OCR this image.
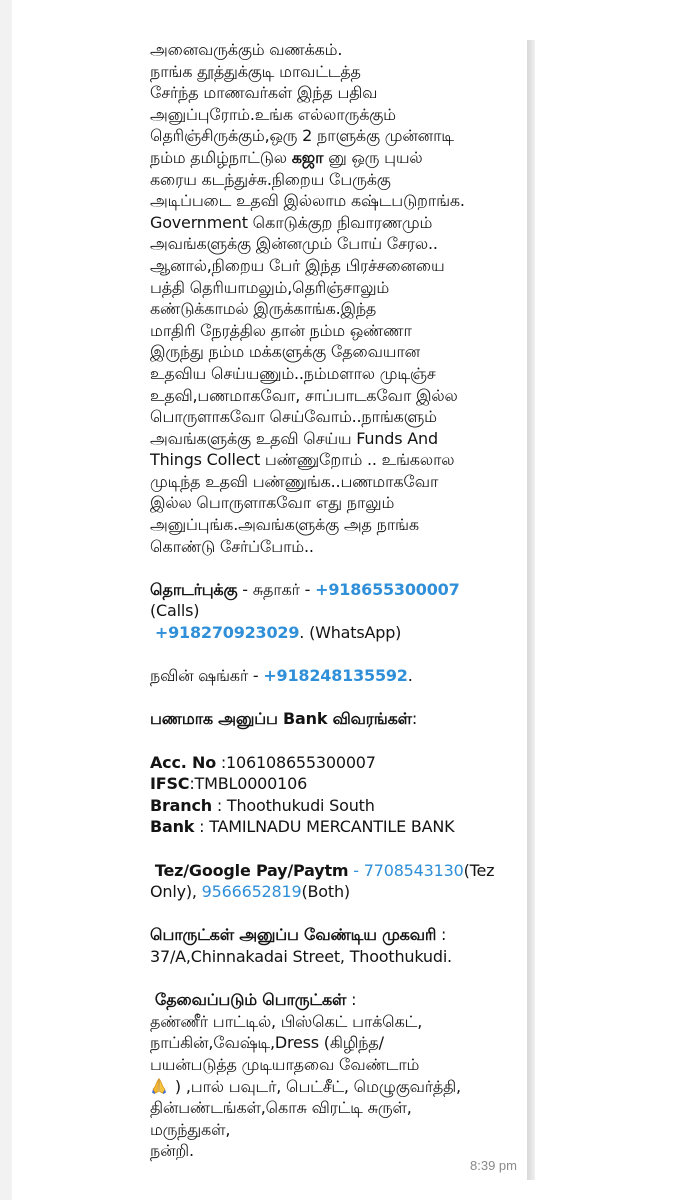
அனைவருக்கும் வணக்கம்.
நாங்க தூத்துக்குடி மாவட்டத்த
சேர்ந்த மாணவர்கள் இந்த பதிவ
அனுப்புரோம்.உங்க எல்லாருக்கும்
தெரிஞ்சிருக்கும்,ஒரு 2 நாளுக்கு முன்னாடி
நம்ம தமிழ்நாட்டுல கஜா னு ஒரு புயல்
கரைய கடந்துச்சு.நிறைய பேருக்கு
அடிப்படை உதவி இல்லாம கஷ்டபடுறாங்க.
Government கொடுக்குற நிவாரணமும்
அவங்களுக்கு இன்னமும் போய் சேரல..
ஆனால்,நிறைய பேர் இந்த பிரச்சனையை
பத்தி தெரியாமலும்,தெரிஞ்சாலும்
கண்டுக்காமல் இருக்காங்க.இந்த
மாதிரி நேரத்தில தான் நம்ம ஒண்ணா
இருந்து நம்ம மக்களுக்கு தேவையான
உதவிய செய்யணும்..நம்மளால முடிஞ்ச
உதவி,பணமாகவோ, சாப்பாடகவோ இல்ல
பொருளாகவோ செய்வோம்..நாங்களும்
அவங்களுக்கு உதவி செய்ய Funds And
Things Collect பண்ணுறோம் .. உங்கலால
முடிந்த உதவி பண்ணுங்க..பணமாகவோ
இல்ல பொருளாகவோ எது நாலும்
அனுப்புங்க.அவங்களுக்கு அத நாங்க
கொண்டு சேர்ப்போம்..
தொடர்புக்கு - சுதாகர் - +918655300007
(Calls)
+918270923029. (WhatsApp)
நவின் ஷங்கர் - +918248135592.
பணமாக அனுப்ப Bank விவரங்கள்:
Acc. No :106108655300007
IFSC:TMBL0000106
Branch : Thoothukudi South
Bank : TAMILNADU MERCANTILE BANK
Tez/Google Pay/Paytm - 7708543130(Tez
Only), 9566652819(Both)
பொருட்கள் அனுப்ப வேண்டிய முகவரி :
37/A,Chinnakadai Street, Thoothukudi.
தேவைப்படும் பொருட்கள் :
தண்ணீர் பாட்டில், பிஸ்கெட் பாக்கெட்,
நாப்கின்,வேஷ்டி,Dress (கிழிந்த/
பயன்படுத்த முடியாதவை வேண்டாம்
) ,பால் பவுடர், பெட்சீட், மெழுகுவர்த்தி,
தின்பண்டங்கள்,கொசு விரட்டி சுருள்,
மருந்துகள்,
நன்றி.
8:39 pm
